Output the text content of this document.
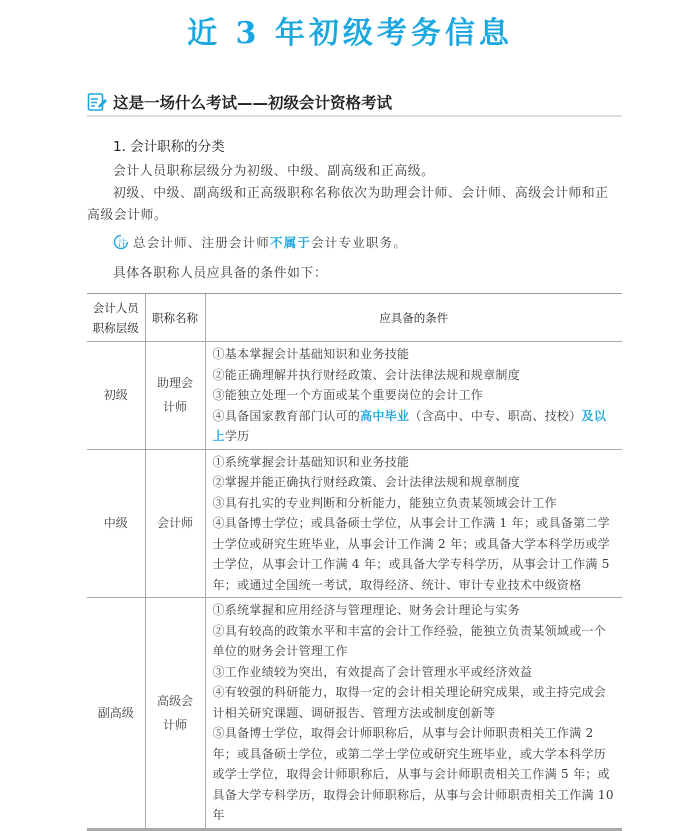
近 3 年初级考务信息
这是一场什么考试——初级会计资格考试
1. 会计职称的分类
会计人员职称层级分为初级、中级、副高级和正高级。
初级、中级、副高级和正高级职称名称依次为助理会计师、会计师、高级会计师和正高级会计师。
注 总会计师、注册会计师 不属于 会计专业职务。
具体各职称人员应具备的条件如下：
会计人员职称层级	职称名称	应具备的条件
初级	助理会计师	①基本掌握会计基础知识和业务技能
②能正确理解并执行财经政策、会计法律法规和规章制度
③能独立处理一个方面或某个重要岗位的会计工作
④具备国家教育部门认可的高中毕业（含高中、中专、职高、技校）及以上学历

中级	会计师	①系统掌握会计基础知识和业务技能
②掌握并能正确执行财经政策、会计法律法规和规章制度
③具有扎实的专业判断和分析能力，能独立负责某领域会计工作
④具备博士学位；或具备硕士学位，从事会计工作满 1 年；或具备第二学士学位或研究生班毕业，从事会计工作满 2 年；或具备大学本科学历或学士学位，从事会计工作满 4 年；或具备大学专科学历，从事会计工作满 5 年；或通过全国统一考试，取得经济、统计、审计专业技术中级资格

副高级	高级会计师	①系统掌握和应用经济与管理理论、财务会计理论与实务
②具有较高的政策水平和丰富的会计工作经验，能独立负责某领域或一个单位的财务会计管理工作
③工作业绩较为突出，有效提高了会计管理水平或经济效益
④有较强的科研能力，取得一定的会计相关理论研究成果，或主持完成会计相关研究课题、调研报告、管理方法或制度创新等
⑤具备博士学位，取得会计师职称后，从事与会计师职责相关工作满 2 年；或具备硕士学位，或第二学士学位或研究生班毕业，或大学本科学历或学士学位，取得会计师职称后，从事与会计师职责相关工作满 5 年；或具备大学专科学历，取得会计师职称后，从事与会计师职责相关工作满 10 年
